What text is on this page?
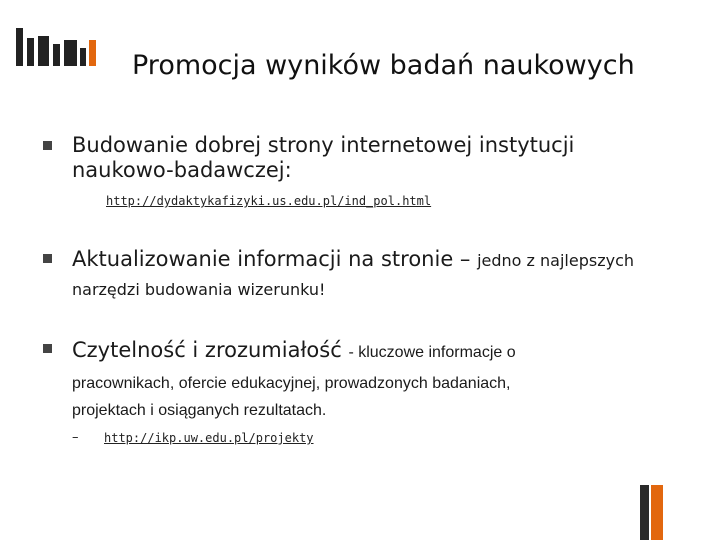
Promocja wyników badań naukowych
Budowanie dobrej strony internetowej instytucji
naukowo-badawczej:
http://dydaktykafizyki.us.edu.pl/ind_pol.html
Aktualizowanie informacji na stronie – jedno z najlepszych
narzędzi budowania wizerunku!
Czytelność i zrozumiałość - kluczowe informacje o
pracownikach, ofercie edukacyjnej, prowadzonych badaniach,
projektach i osiąganych rezultatach.
– http://ikp.uw.edu.pl/projekty
